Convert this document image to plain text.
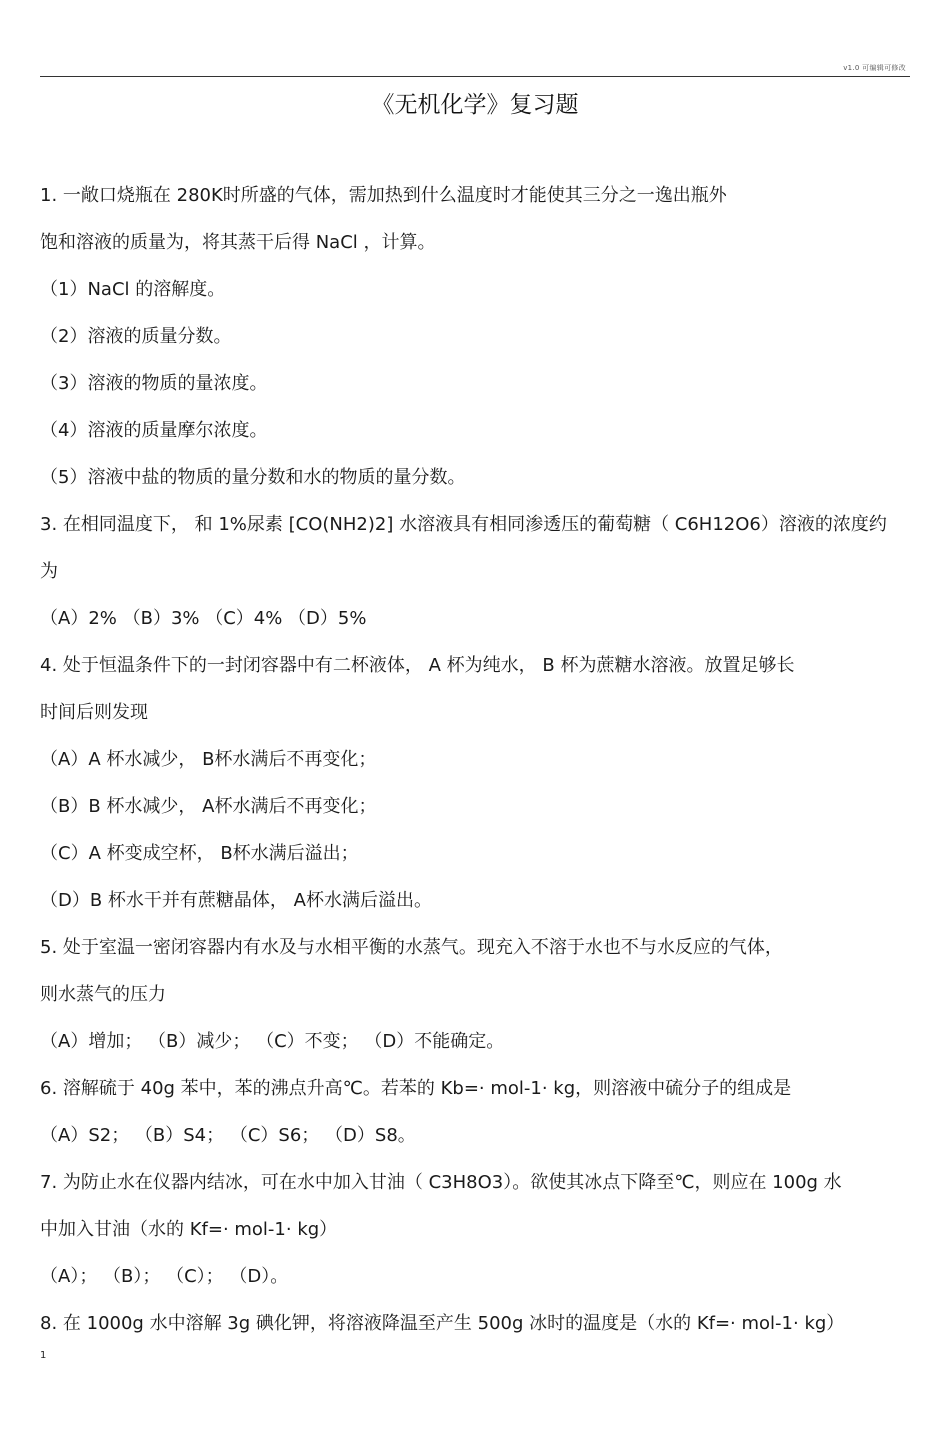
v1.0 可编辑可修改
《无机化学》复习题
1. 一敞口烧瓶在 280K时所盛的气体，需加热到什么温度时才能使其三分之一逸出瓶外
饱和溶液的质量为，将其蒸干后得 NaCl ，计算。
（1）NaCl 的溶解度。
（2）溶液的质量分数。
（3）溶液的物质的量浓度。
（4）溶液的质量摩尔浓度。
（5）溶液中盐的物质的量分数和水的物质的量分数。
3. 在相同温度下， 和 1%尿素 [CO(NH2)2] 水溶液具有相同渗透压的葡萄糖（ C6H12O6）溶液的浓度约
为
（A）2% （B）3% （C）4% （D）5%
4. 处于恒温条件下的一封闭容器中有二杯液体， A 杯为纯水， B 杯为蔗糖水溶液。放置足够长
时间后则发现
（A）A 杯水减少， B杯水满后不再变化；
（B）B 杯水减少， A杯水满后不再变化；
（C）A 杯变成空杯， B杯水满后溢出；
（D）B 杯水干并有蔗糖晶体， A杯水满后溢出。
5. 处于室温一密闭容器内有水及与水相平衡的水蒸气。现充入不溶于水也不与水反应的气体，
则水蒸气的压力
（A）增加； （B）减少； （C）不变； （D）不能确定。
6. 溶解硫于 40g 苯中，苯的沸点升高℃。若苯的 Kb=· mol-1· kg，则溶液中硫分子的组成是
（A）S2； （B）S4； （C）S6； （D）S8。
7. 为防止水在仪器内结冰，可在水中加入甘油（ C3H8O3）。欲使其冰点下降至℃，则应在 100g 水
中加入甘油（水的 Kf=· mol-1· kg）
（A）； （B）； （C）； （D）。
8. 在 1000g 水中溶解 3g 碘化钾，将溶液降温至产生 500g 冰时的温度是（水的 Kf=· mol-1· kg）
1
